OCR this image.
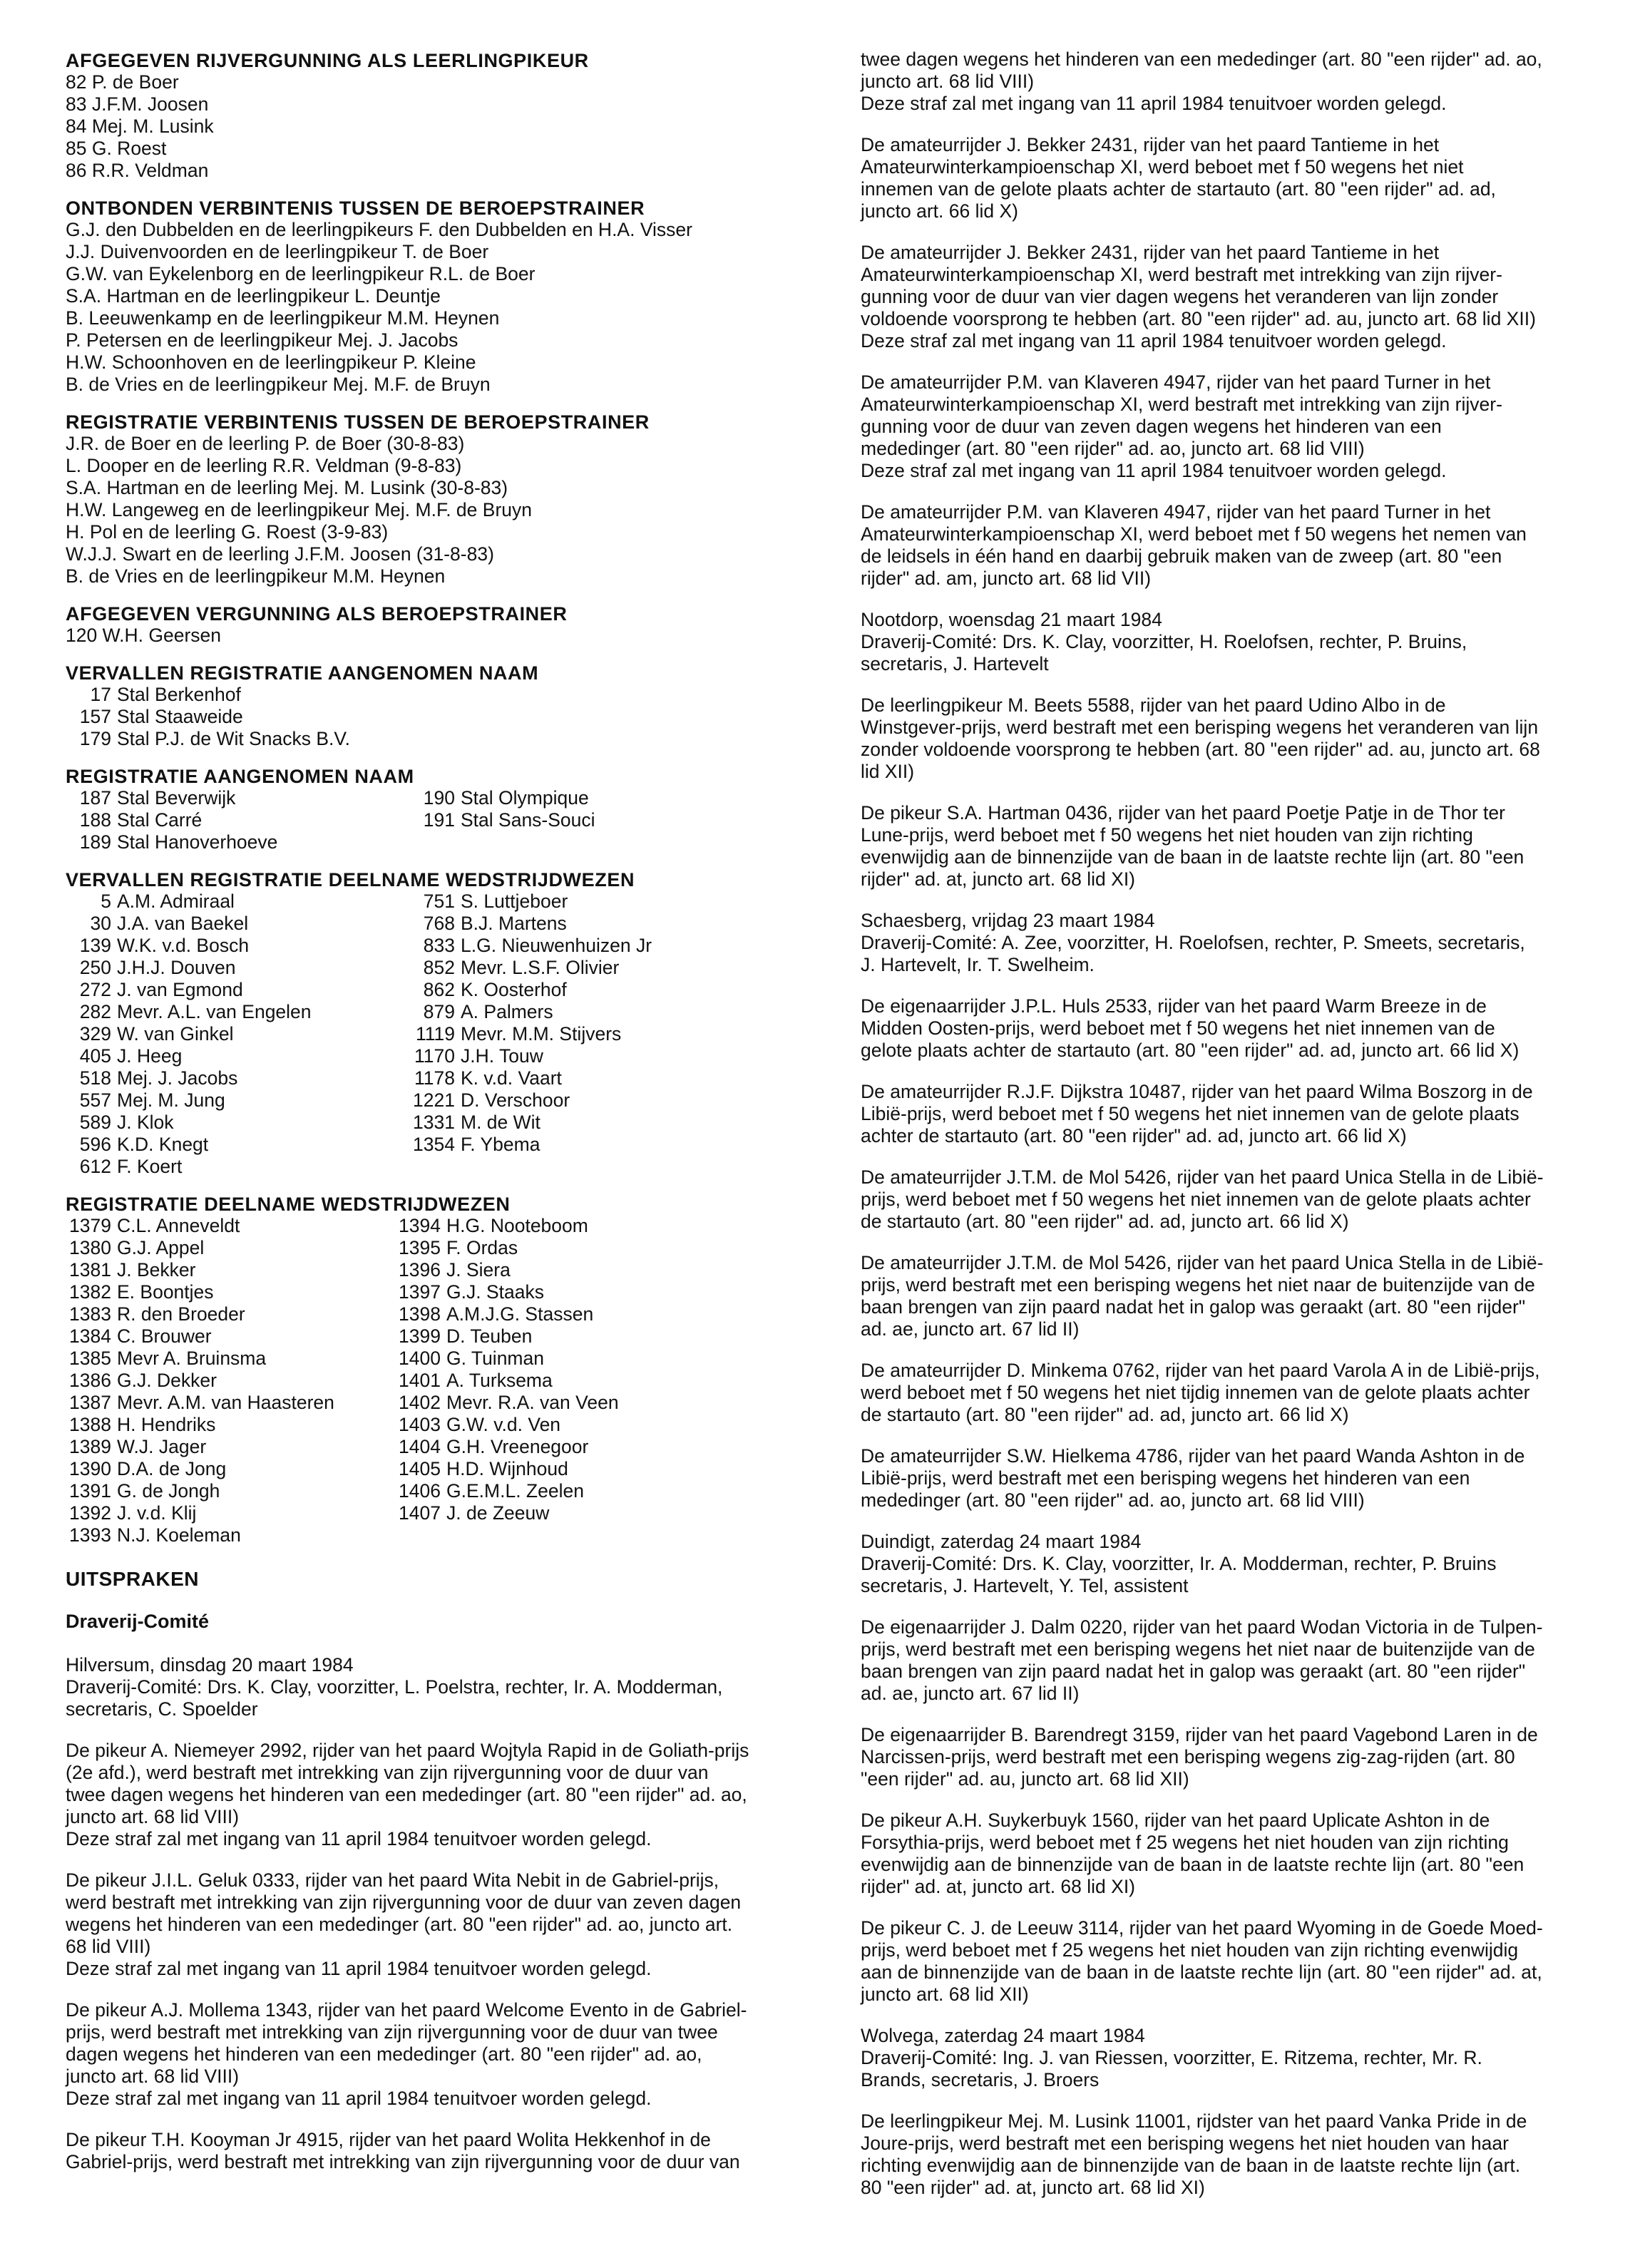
AFGEGEVEN RIJVERGUNNING ALS LEERLINGPIKEUR
82 P. de Boer
83 J.F.M. Joosen
84 Mej. M. Lusink
85 G. Roest
86 R.R. Veldman
ONTBONDEN VERBINTENIS TUSSEN DE BEROEPSTRAINER
G.J. den Dubbelden en de leerlingpikeurs F. den Dubbelden en H.A. Visser
J.J. Duivenvoorden en de leerlingpikeur T. de Boer
G.W. van Eykelenborg en de leerlingpikeur R.L. de Boer
S.A. Hartman en de leerlingpikeur L. Deuntje
B. Leeuwenkamp en de leerlingpikeur M.M. Heynen
P. Petersen en de leerlingpikeur Mej. J. Jacobs
H.W. Schoonhoven en de leerlingpikeur P. Kleine
B. de Vries en de leerlingpikeur Mej. M.F. de Bruyn
REGISTRATIE VERBINTENIS TUSSEN DE BEROEPSTRAINER
J.R. de Boer en de leerling P. de Boer (30-8-83)
L. Dooper en de leerling R.R. Veldman (9-8-83)
S.A. Hartman en de leerling Mej. M. Lusink (30-8-83)
H.W. Langeweg en de leerlingpikeur Mej. M.F. de Bruyn
H. Pol en de leerling G. Roest (3-9-83)
W.J.J. Swart en de leerling J.F.M. Joosen (31-8-83)
B. de Vries en de leerlingpikeur M.M. Heynen
AFGEGEVEN VERGUNNING ALS BEROEPSTRAINER
120 W.H. Geersen
VERVALLEN REGISTRATIE AANGENOMEN NAAM
17 Stal Berkenhof
157 Stal Staaweide
179 Stal P.J. de Wit Snacks B.V.
REGISTRATIE AANGENOMEN NAAM
187 Stal Beverwijk
188 Stal Carré
189 Stal Hanoverhoeve
190 Stal Olympique
191 Stal Sans-Souci
VERVALLEN REGISTRATIE DEELNAME WEDSTRIJDWEZEN
5 A.M. Admiraal
30 J.A. van Baekel
139 W.K. v.d. Bosch
250 J.H.J. Douven
272 J. van Egmond
282 Mevr. A.L. van Engelen
329 W. van Ginkel
405 J. Heeg
518 Mej. J. Jacobs
557 Mej. M. Jung
589 J. Klok
596 K.D. Knegt
612 F. Koert
751 S. Luttjeboer
768 B.J. Martens
833 L.G. Nieuwenhuizen Jr
852 Mevr. L.S.F. Olivier
862 K. Oosterhof
879 A. Palmers
1119 Mevr. M.M. Stijvers
1170 J.H. Touw
1178 K. v.d. Vaart
1221 D. Verschoor
1331 M. de Wit
1354 F. Ybema
REGISTRATIE DEELNAME WEDSTRIJDWEZEN
1379 C.L. Anneveldt
1380 G.J. Appel
1381 J. Bekker
1382 E. Boontjes
1383 R. den Broeder
1384 C. Brouwer
1385 Mevr A. Bruinsma
1386 G.J. Dekker
1387 Mevr. A.M. van Haasteren
1388 H. Hendriks
1389 W.J. Jager
1390 D.A. de Jong
1391 G. de Jongh
1392 J. v.d. Klij
1393 N.J. Koeleman
1394 H.G. Nooteboom
1395 F. Ordas
1396 J. Siera
1397 G.J. Staaks
1398 A.M.J.G. Stassen
1399 D. Teuben
1400 G. Tuinman
1401 A. Turksema
1402 Mevr. R.A. van Veen
1403 G.W. v.d. Ven
1404 G.H. Vreenegoor
1405 H.D. Wijnhoud
1406 G.E.M.L. Zeelen
1407 J. de Zeeuw
UITSPRAKEN
Draverij-Comité
Hilversum, dinsdag 20 maart 1984
Draverij-Comité: Drs. K. Clay, voorzitter, L. Poelstra, rechter, Ir. A. Modderman,
secretaris, C. Spoelder
De pikeur A. Niemeyer 2992, rijder van het paard Wojtyla Rapid in de Goliath-prijs
(2e afd.), werd bestraft met intrekking van zijn rijvergunning voor de duur van
twee dagen wegens het hinderen van een mededinger (art. 80 "een rijder" ad. ao,
juncto art. 68 lid VIII)
Deze straf zal met ingang van 11 april 1984 tenuitvoer worden gelegd.
De pikeur J.I.L. Geluk 0333, rijder van het paard Wita Nebit in de Gabriel-prijs,
werd bestraft met intrekking van zijn rijvergunning voor de duur van zeven dagen
wegens het hinderen van een mededinger (art. 80 "een rijder" ad. ao, juncto art.
68 lid VIII)
Deze straf zal met ingang van 11 april 1984 tenuitvoer worden gelegd.
De pikeur A.J. Mollema 1343, rijder van het paard Welcome Evento in de Gabriel-
prijs, werd bestraft met intrekking van zijn rijvergunning voor de duur van twee
dagen wegens het hinderen van een mededinger (art. 80 "een rijder" ad. ao,
juncto art. 68 lid VIII)
Deze straf zal met ingang van 11 april 1984 tenuitvoer worden gelegd.
De pikeur T.H. Kooyman Jr 4915, rijder van het paard Wolita Hekkenhof in de
Gabriel-prijs, werd bestraft met intrekking van zijn rijvergunning voor de duur van
twee dagen wegens het hinderen van een mededinger (art. 80 "een rijder" ad. ao,
juncto art. 68 lid VIII)
Deze straf zal met ingang van 11 april 1984 tenuitvoer worden gelegd.
De amateurrijder J. Bekker 2431, rijder van het paard Tantieme in het
Amateurwinterkampioenschap XI, werd beboet met f 50 wegens het niet
innemen van de gelote plaats achter de startauto (art. 80 "een rijder" ad. ad,
juncto art. 66 lid X)
De amateurrijder J. Bekker 2431, rijder van het paard Tantieme in het
Amateurwinterkampioenschap XI, werd bestraft met intrekking van zijn rijver-
gunning voor de duur van vier dagen wegens het veranderen van lijn zonder
voldoende voorsprong te hebben (art. 80 "een rijder" ad. au, juncto art. 68 lid XII)
Deze straf zal met ingang van 11 april 1984 tenuitvoer worden gelegd.
De amateurrijder P.M. van Klaveren 4947, rijder van het paard Turner in het
Amateurwinterkampioenschap XI, werd bestraft met intrekking van zijn rijver-
gunning voor de duur van zeven dagen wegens het hinderen van een
mededinger (art. 80 "een rijder" ad. ao, juncto art. 68 lid VIII)
Deze straf zal met ingang van 11 april 1984 tenuitvoer worden gelegd.
De amateurrijder P.M. van Klaveren 4947, rijder van het paard Turner in het
Amateurwinterkampioenschap XI, werd beboet met f 50 wegens het nemen van
de leidsels in één hand en daarbij gebruik maken van de zweep (art. 80 "een
rijder" ad. am, juncto art. 68 lid VII)
Nootdorp, woensdag 21 maart 1984
Draverij-Comité: Drs. K. Clay, voorzitter, H. Roelofsen, rechter, P. Bruins,
secretaris, J. Hartevelt
De leerlingpikeur M. Beets 5588, rijder van het paard Udino Albo in de
Winstgever-prijs, werd bestraft met een berisping wegens het veranderen van lijn
zonder voldoende voorsprong te hebben (art. 80 "een rijder" ad. au, juncto art. 68
lid XII)
De pikeur S.A. Hartman 0436, rijder van het paard Poetje Patje in de Thor ter
Lune-prijs, werd beboet met f 50 wegens het niet houden van zijn richting
evenwijdig aan de binnenzijde van de baan in de laatste rechte lijn (art. 80 "een
rijder" ad. at, juncto art. 68 lid XI)
Schaesberg, vrijdag 23 maart 1984
Draverij-Comité: A. Zee, voorzitter, H. Roelofsen, rechter, P. Smeets, secretaris,
J. Hartevelt, Ir. T. Swelheim.
De eigenaarrijder J.P.L. Huls 2533, rijder van het paard Warm Breeze in de
Midden Oosten-prijs, werd beboet met f 50 wegens het niet innemen van de
gelote plaats achter de startauto (art. 80 "een rijder" ad. ad, juncto art. 66 lid X)
De amateurrijder R.J.F. Dijkstra 10487, rijder van het paard Wilma Boszorg in de
Libië-prijs, werd beboet met f 50 wegens het niet innemen van de gelote plaats
achter de startauto (art. 80 "een rijder" ad. ad, juncto art. 66 lid X)
De amateurrijder J.T.M. de Mol 5426, rijder van het paard Unica Stella in de Libië-
prijs, werd beboet met f 50 wegens het niet innemen van de gelote plaats achter
de startauto (art. 80 "een rijder" ad. ad, juncto art. 66 lid X)
De amateurrijder J.T.M. de Mol 5426, rijder van het paard Unica Stella in de Libië-
prijs, werd bestraft met een berisping wegens het niet naar de buitenzijde van de
baan brengen van zijn paard nadat het in galop was geraakt (art. 80 "een rijder"
ad. ae, juncto art. 67 lid II)
De amateurrijder D. Minkema 0762, rijder van het paard Varola A in de Libië-prijs,
werd beboet met f 50 wegens het niet tijdig innemen van de gelote plaats achter
de startauto (art. 80 "een rijder" ad. ad, juncto art. 66 lid X)
De amateurrijder S.W. Hielkema 4786, rijder van het paard Wanda Ashton in de
Libië-prijs, werd bestraft met een berisping wegens het hinderen van een
mededinger (art. 80 "een rijder" ad. ao, juncto art. 68 lid VIII)
Duindigt, zaterdag 24 maart 1984
Draverij-Comité: Drs. K. Clay, voorzitter, Ir. A. Modderman, rechter, P. Bruins
secretaris, J. Hartevelt, Y. Tel, assistent
De eigenaarrijder J. Dalm 0220, rijder van het paard Wodan Victoria in de Tulpen-
prijs, werd bestraft met een berisping wegens het niet naar de buitenzijde van de
baan brengen van zijn paard nadat het in galop was geraakt (art. 80 "een rijder"
ad. ae, juncto art. 67 lid II)
De eigenaarrijder B. Barendregt 3159, rijder van het paard Vagebond Laren in de
Narcissen-prijs, werd bestraft met een berisping wegens zig-zag-rijden (art. 80
"een rijder" ad. au, juncto art. 68 lid XII)
De pikeur A.H. Suykerbuyk 1560, rijder van het paard Uplicate Ashton in de
Forsythia-prijs, werd beboet met f 25 wegens het niet houden van zijn richting
evenwijdig aan de binnenzijde van de baan in de laatste rechte lijn (art. 80 "een
rijder" ad. at, juncto art. 68 lid XI)
De pikeur C. J. de Leeuw 3114, rijder van het paard Wyoming in de Goede Moed-
prijs, werd beboet met f 25 wegens het niet houden van zijn richting evenwijdig
aan de binnenzijde van de baan in de laatste rechte lijn (art. 80 "een rijder" ad. at,
juncto art. 68 lid XII)
Wolvega, zaterdag 24 maart 1984
Draverij-Comité: Ing. J. van Riessen, voorzitter, E. Ritzema, rechter, Mr. R.
Brands, secretaris, J. Broers
De leerlingpikeur Mej. M. Lusink 11001, rijdster van het paard Vanka Pride in de
Joure-prijs, werd bestraft met een berisping wegens het niet houden van haar
richting evenwijdig aan de binnenzijde van de baan in de laatste rechte lijn (art.
80 "een rijder" ad. at, juncto art. 68 lid XI)
